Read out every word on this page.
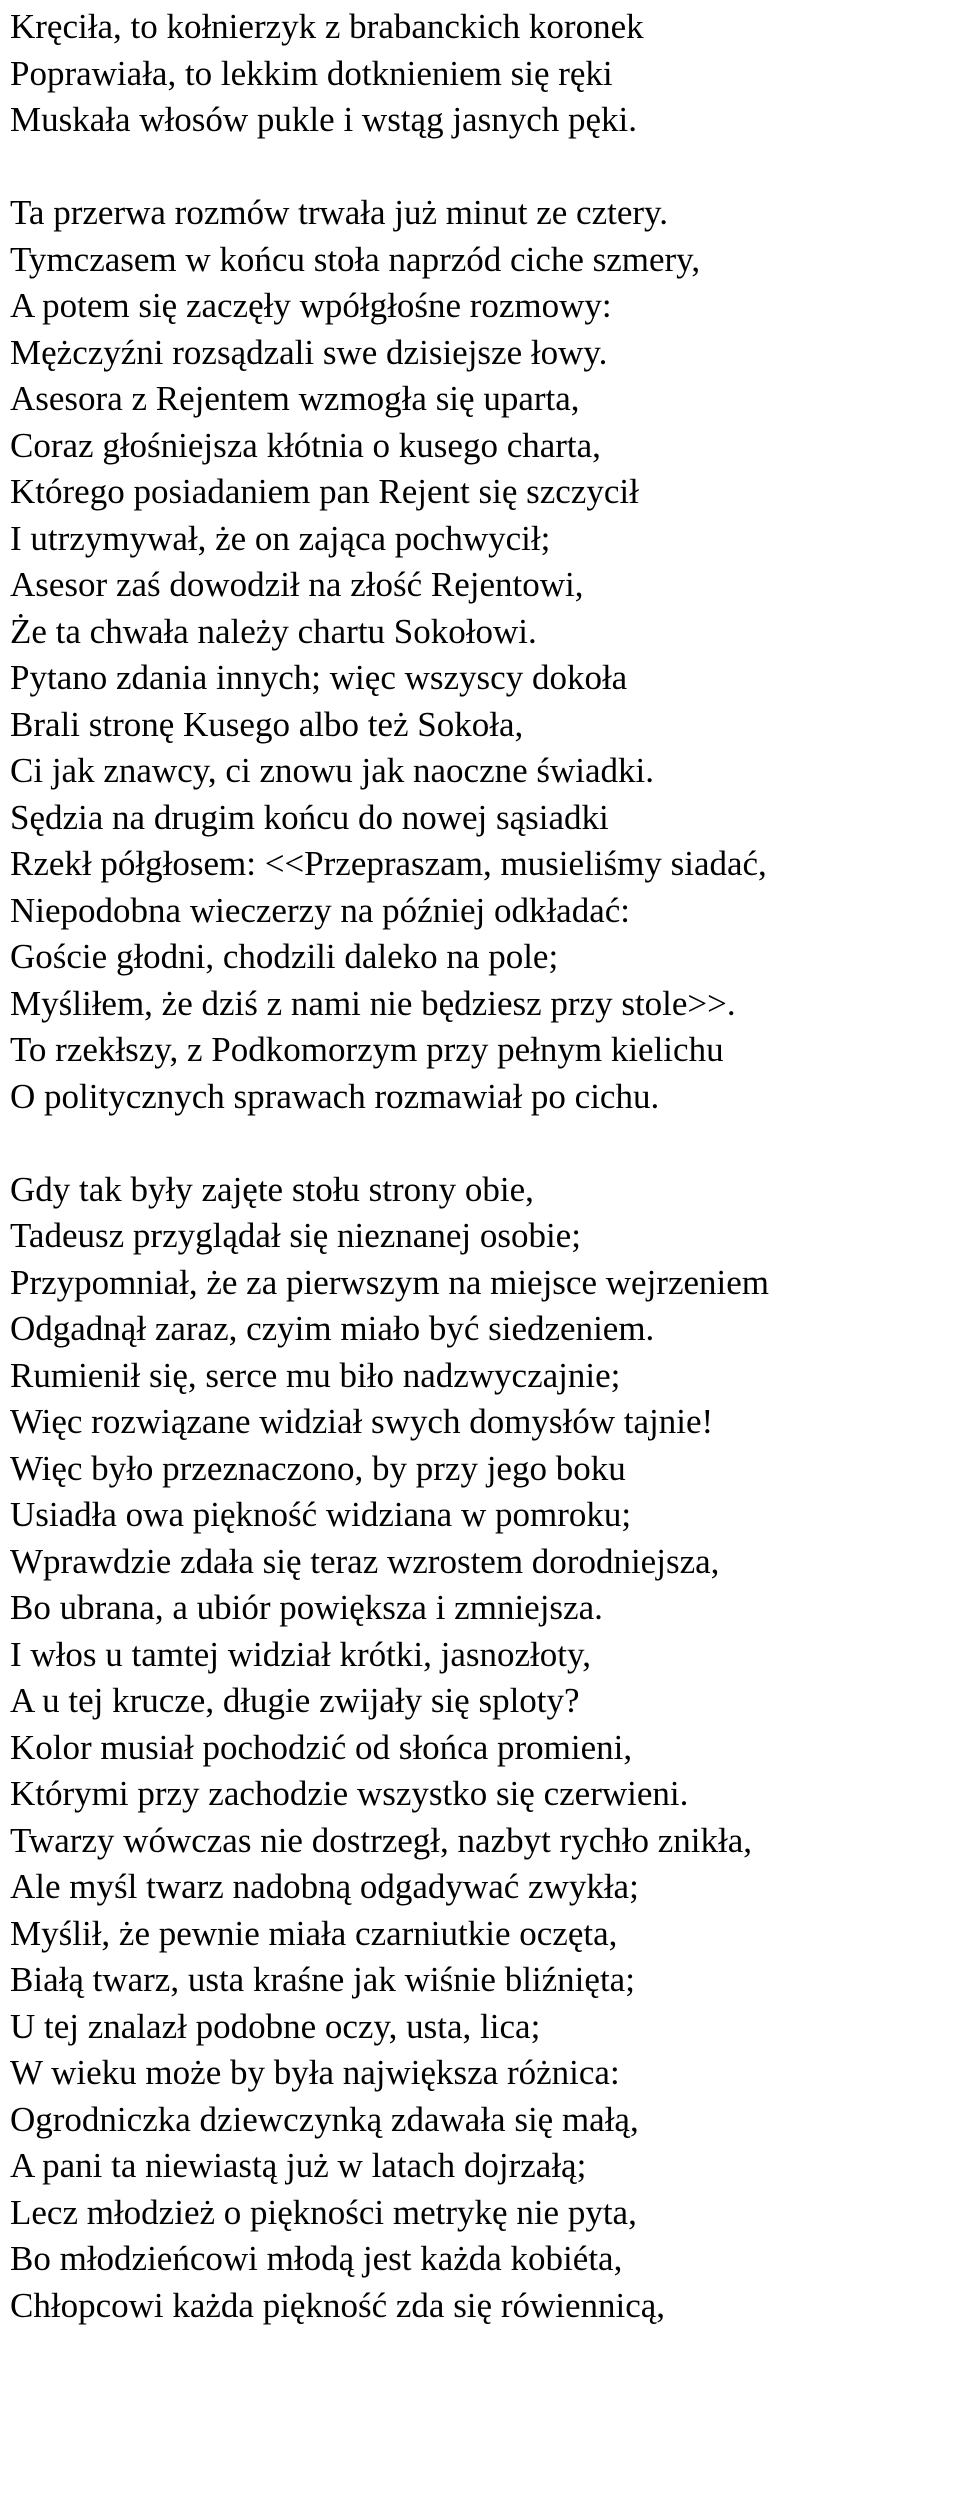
Kręciła, to kołnierzyk z brabanckich koronek
Poprawiała, to lekkim dotknieniem się ręki
Muskała włosów pukle i wstąg jasnych pęki.
Ta przerwa rozmów trwała już minut ze cztery.
Tymczasem w końcu stoła naprzód ciche szmery,
A potem się zaczęły wpółgłośne rozmowy:
Mężczyźni rozsądzali swe dzisiejsze łowy.
Asesora z Rejentem wzmogła się uparta,
Coraz głośniejsza kłótnia o kusego charta,
Którego posiadaniem pan Rejent się szczycił
I utrzymywał, że on zająca pochwycił;
Asesor zaś dowodził na złość Rejentowi,
Że ta chwała należy chartu Sokołowi.
Pytano zdania innych; więc wszyscy dokoła
Brali stronę Kusego albo też Sokoła,
Ci jak znawcy, ci znowu jak naoczne świadki.
Sędzia na drugim końcu do nowej sąsiadki
Rzekł półgłosem: <<Przepraszam, musieliśmy siadać,
Niepodobna wieczerzy na później odkładać:
Goście głodni, chodzili daleko na pole;
Myśliłem, że dziś z nami nie będziesz przy stole>>.
To rzekłszy, z Podkomorzym przy pełnym kielichu
O politycznych sprawach rozmawiał po cichu.
Gdy tak były zajęte stołu strony obie,
Tadeusz przyglądał się nieznanej osobie;
Przypomniał, że za pierwszym na miejsce wejrzeniem
Odgadnął zaraz, czyim miało być siedzeniem.
Rumienił się, serce mu biło nadzwyczajnie;
Więc rozwiązane widział swych domysłów tajnie!
Więc było przeznaczono, by przy jego boku
Usiadła owa piękność widziana w pomroku;
Wprawdzie zdała się teraz wzrostem dorodniejsza,
Bo ubrana, a ubiór powiększa i zmniejsza.
I włos u tamtej widział krótki, jasnozłoty,
A u tej krucze, długie zwijały się sploty?
Kolor musiał pochodzić od słońca promieni,
Którymi przy zachodzie wszystko się czerwieni.
Twarzy wówczas nie dostrzegł, nazbyt rychło znikła,
Ale myśl twarz nadobną odgadywać zwykła;
Myślił, że pewnie miała czarniutkie oczęta,
Białą twarz, usta kraśne jak wiśnie bliźnięta;
U tej znalazł podobne oczy, usta, lica;
W wieku może by była największa różnica:
Ogrodniczka dziewczynką zdawała się małą,
A pani ta niewiastą już w latach dojrzałą;
Lecz młodzież o piękności metrykę nie pyta,
Bo młodzieńcowi młodą jest każda kobiéta,
Chłopcowi każda piękność zda się rówiennicą,
